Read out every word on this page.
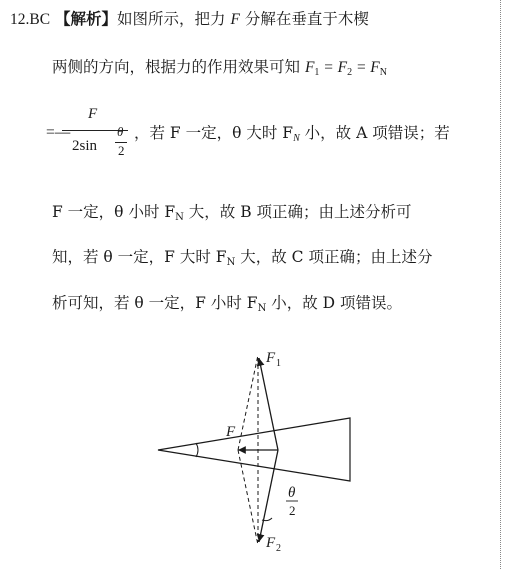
12.BC 【解析】如图所示，把力 F 分解在垂直于木楔
两侧的方向，根据力的作用效果可知 $F_1 = F_2 = F_N$
=—
F
2sin
θ
2
，若 F 一定，θ 大时 $F_N$ 小，故 A 项错误；若
F 一定，θ 小时 $F_N$ 大，故 B 项正确；由上述分析可
知，若 θ 一定，F 大时 $F_N$ 大，故 C 项正确；由上述分
析可知，若 θ 一定，F 小时 $F_N$ 小，故 D 项错误。
F
F 1
F 2
θ
2
